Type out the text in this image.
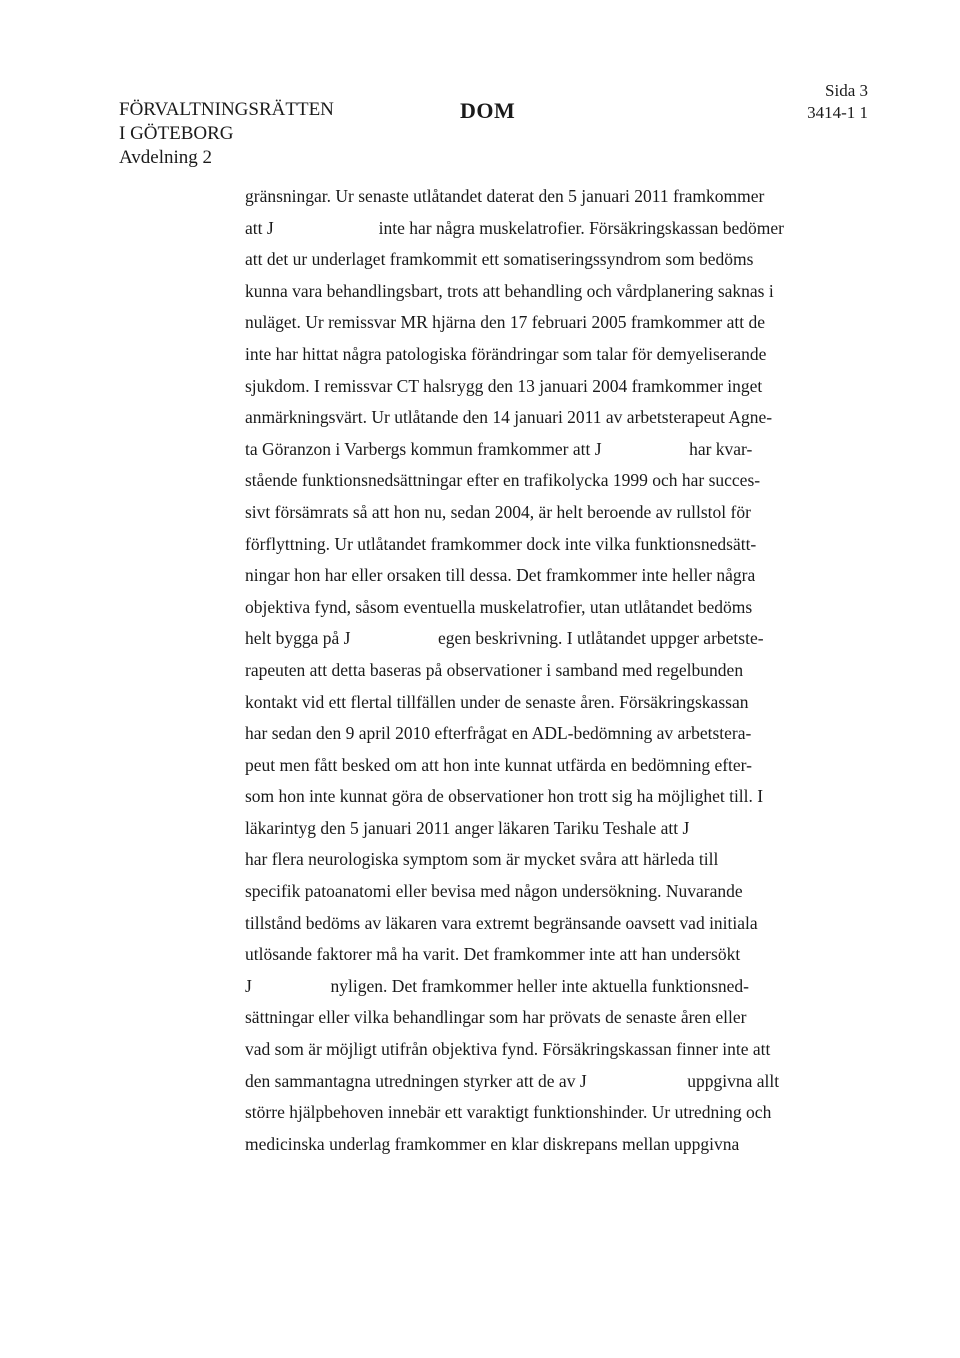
FÖRVALTNINGSRÄTTEN
I GÖTEBORG
Avdelning 2
DOM
Sida 3
3414-1 1
gränsningar. Ur senaste utlåtandet daterat den 5 januari 2011 framkommer
att J                        inte har några muskelatrofier. Försäkringskassan bedömer
att det ur underlaget framkommit ett somatiseringssyndrom som bedöms
kunna vara behandlingsbart, trots att behandling och vårdplanering saknas i
nuläget. Ur remissvar MR hjärna den 17 februari 2005 framkommer att de
inte har hittat några patologiska förändringar som talar för demyeliserande
sjukdom. I remissvar CT halsrygg den 13 januari 2004 framkommer inget
anmärkningsvärt. Ur utlåtande den 14 januari 2011 av arbetsterapeut Agne-
ta Göranzon i Varbergs kommun framkommer att J                    har kvar-
stående funktionsnedsättningar efter en trafikolycka 1999 och har succes-
sivt försämrats så att hon nu, sedan 2004, är helt beroende av rullstol för
förflyttning. Ur utlåtandet framkommer dock inte vilka funktionsnedsätt-
ningar hon har eller orsaken till dessa. Det framkommer inte heller några
objektiva fynd, såsom eventuella muskelatrofier, utan utlåtandet bedöms
helt bygga på J                    egen beskrivning. I utlåtandet uppger arbetste-
rapeuten att detta baseras på observationer i samband med regelbunden
kontakt vid ett flertal tillfällen under de senaste åren. Försäkringskassan
har sedan den 9 april 2010 efterfrågat en ADL-bedömning av arbetstera-
peut men fått besked om att hon inte kunnat utfärda en bedömning efter-
som hon inte kunnat göra de observationer hon trott sig ha möjlighet till. I
läkarintyg den 5 januari 2011 anger läkaren Tariku Teshale att J
har flera neurologiska symptom som är mycket svåra att härleda till
specifik patoanatomi eller bevisa med någon undersökning. Nuvarande
tillstånd bedöms av läkaren vara extremt begränsande oavsett vad initiala
utlösande faktorer må ha varit. Det framkommer inte att han undersökt
J                  nyligen. Det framkommer heller inte aktuella funktionsned-
sättningar eller vilka behandlingar som har prövats de senaste åren eller
vad som är möjligt utifrån objektiva fynd. Försäkringskassan finner inte att
den sammantagna utredningen styrker att de av J                       uppgivna allt
större hjälpbehoven innebär ett varaktigt funktionshinder. Ur utredning och
medicinska underlag framkommer en klar diskrepans mellan uppgivna
